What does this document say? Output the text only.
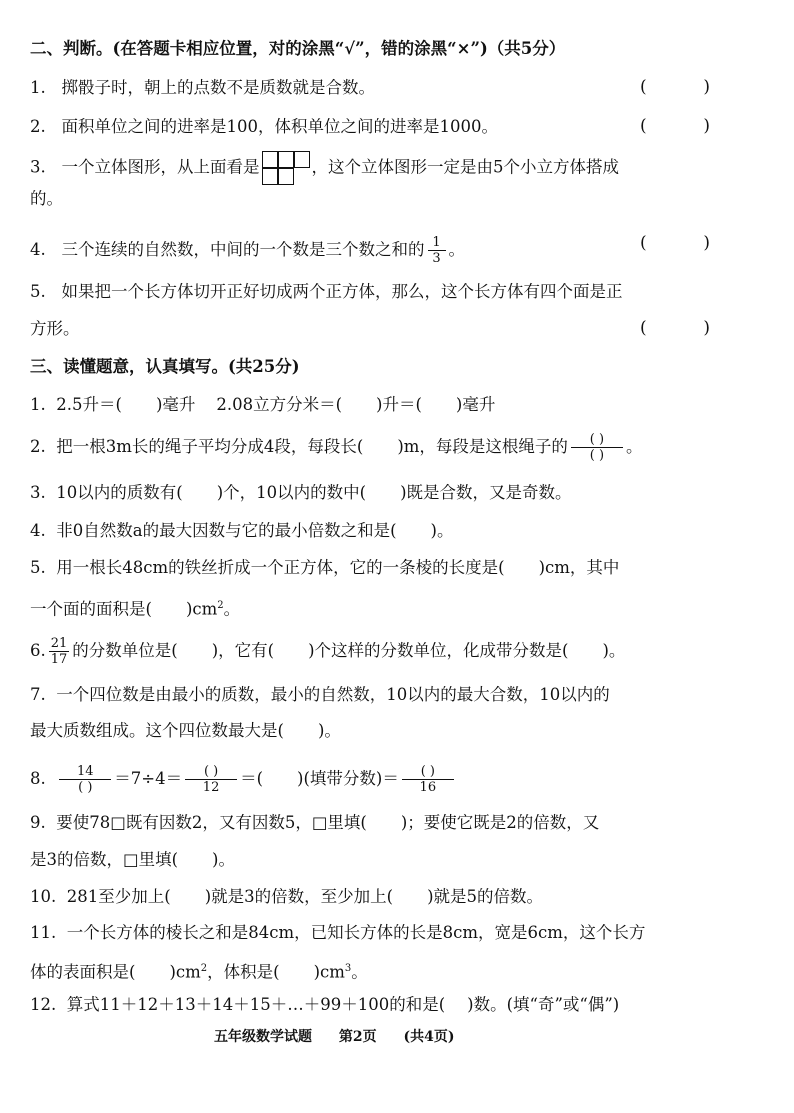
二、判断。(在答题卡相应位置，对的涂黑“√”，错的涂黑“×”)（共5分）
1. 掷骰子时，朝上的点数不是质数就是合数。	(	)
2. 面积单位之间的进率是100，体积单位之间的进率是1000。	(	)
3. 一个立体图形，从上面看是	，这个立体图形一定是由5个小立方体搭成
的。
4. 三个连续的自然数，中间的一个数是三个数之和的 $\frac{1}{3}$ 。	(	)
5. 如果把一个长方体切开正好切成两个正方体，那么，这个长方体有四个面是正
方形。	(	)
三、读懂题意，认真填写。(共25分)
1. 2.5升＝( )毫升 2.08立方分米＝( )升＝( )毫升
2. 把一根3m长的绳子平均分成4段，每段长( )m，每段是这根绳子的 $\frac{( )}{( )}$ 。
3. 10以内的质数有( )个，10以内的数中( )既是合数，又是奇数。
4. 非0自然数a的最大因数与它的最小倍数之和是( )。
5. 用一根长48cm的铁丝折成一个正方体，它的一条棱的长度是( )cm，其中
一个面的面积是( )$cm^2$。
6. $\frac{21}{17}$ 的分数单位是( )，它有( )个这样的分数单位，化成带分数是( )。
7. 一个四位数是由最小的质数，最小的自然数，10以内的最大合数，10以内的
最大质数组成。这个四位数最大是( )。
8. $\frac{14}{( )} =7\div 4= \frac{( )}{12}$ ＝( )(填带分数)＝ $\frac{( )}{16}$
9. 要使78□既有因数2，又有因数5，□里填( )；要使它既是2的倍数，又
是3的倍数，□里填( )。
10. 281至少加上( )就是3的倍数，至少加上( )就是5的倍数。
11. 一个长方体的棱长之和是84cm，已知长方体的长是8cm，宽是6cm，这个长方
体的表面积是( )$cm^2$，体积是( )$cm^3$。
12. 算式11＋12＋13＋14＋15＋…＋99＋100的和是( )数。(填“奇”或“偶”)
五年级数学试题 第2页 (共4页)
